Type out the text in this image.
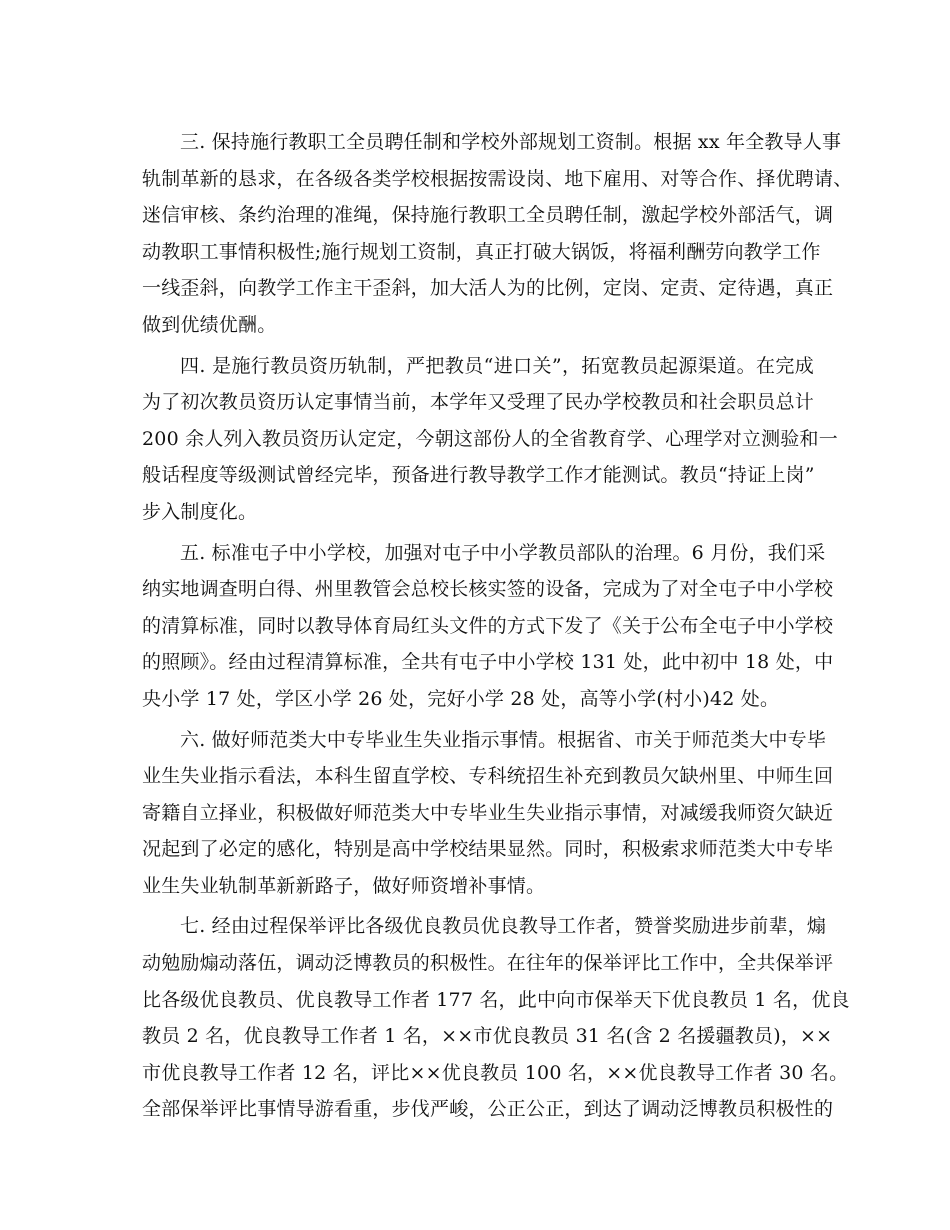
三. 保持施行教职工全员聘任制和学校外部规划工资制。根据 xx 年全教导人事
轨制革新的恳求，在各级各类学校根据按需设岗、地下雇用、对等合作、择优聘请、
迷信审核、条约治理的准绳，保持施行教职工全员聘任制，激起学校外部活气，调
动教职工事情积极性;施行规划工资制，真正打破大锅饭，将福利酬劳向教学工作
一线歪斜，向教学工作主干歪斜，加大活人为的比例，定岗、定责、定待遇，真正
做到优绩优酬。
四. 是施行教员资历轨制，严把教员“进口关”，拓宽教员起源渠道。在完成
为了初次教员资历认定事情当前，本学年又受理了民办学校教员和社会职员总计
200 余人列入教员资历认定定，今朝这部份人的全省教育学、心理学对立测验和一
般话程度等级测试曾经完毕，预备进行教导教学工作才能测试。教员“持证上岗”
步入制度化。
五. 标准屯子中小学校，加强对屯子中小学教员部队的治理。6 月份，我们采
纳实地调查明白得、州里教管会总校长核实签的设备，完成为了对全屯子中小学校
的清算标准，同时以教导体育局红头文件的方式下发了《关于公布全屯子中小学校
的照顾》。经由过程清算标准，全共有屯子中小学校 131 处，此中初中 18 处，中
央小学 17 处，学区小学 26 处，完好小学 28 处，高等小学(村小)42 处。
六. 做好师范类大中专毕业生失业指示事情。根据省、市关于师范类大中专毕
业生失业指示看法，本科生留直学校、专科统招生补充到教员欠缺州里、中师生回
寄籍自立择业，积极做好师范类大中专毕业生失业指示事情，对减缓我师资欠缺近
况起到了必定的感化，特别是高中学校结果显然。同时，积极索求师范类大中专毕
业生失业轨制革新新路子，做好师资增补事情。
七. 经由过程保举评比各级优良教员优良教导工作者，赞誉奖励进步前辈，煽
动勉励煽动落伍，调动泛博教员的积极性。在往年的保举评比工作中，全共保举评
比各级优良教员、优良教导工作者 177 名，此中向市保举天下优良教员 1 名，优良
教员 2 名，优良教导工作者 1 名，××市优良教员 31 名(含 2 名援疆教员)，××
市优良教导工作者 12 名，评比××优良教员 100 名，××优良教导工作者 30 名。
全部保举评比事情导游看重，步伐严峻，公正公正，到达了调动泛博教员积极性的
